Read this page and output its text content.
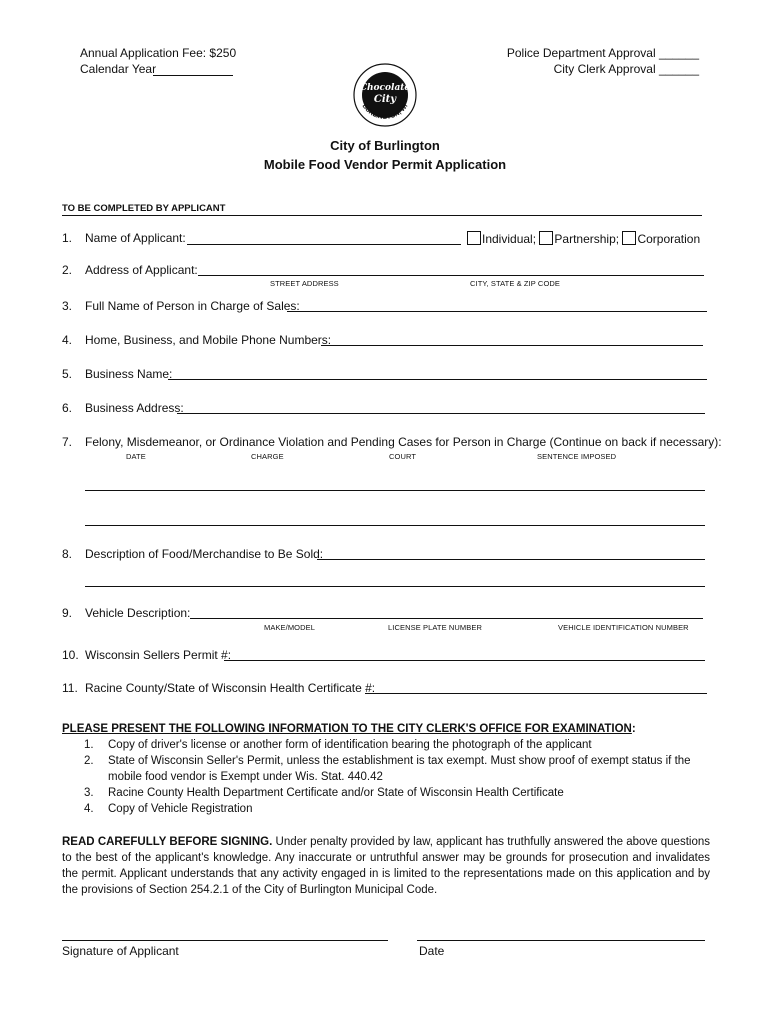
Annual Application Fee: $250
Calendar Year
Police Department Approval ______
City Clerk Approval ______
Chocolate
City
BURLINGTON, WI
City of Burlington
Mobile Food Vendor Permit Application
TO BE COMPLETED BY APPLICANT
1. Name of Applicant:	Individual; Partnership; Corporation
2. Address of Applicant:
STREET ADDRESS	CITY, STATE & ZIP CODE
3. Full Name of Person in Charge of Sales:
4. Home, Business, and Mobile Phone Numbers:
5. Business Name:
6. Business Address:
7. Felony, Misdemeanor, or Ordinance Violation and Pending Cases for Person in Charge (Continue on back if necessary):
DATE	CHARGE	COURT	SENTENCE IMPOSED
8. Description of Food/Merchandise to Be Sold:
9. Vehicle Description:
MAKE/MODEL	LICENSE PLATE NUMBER	VEHICLE IDENTIFICATION NUMBER
10. Wisconsin Sellers Permit #:
11. Racine County/State of Wisconsin Health Certificate #:
PLEASE PRESENT THE FOLLOWING INFORMATION TO THE CITY CLERK'S OFFICE FOR EXAMINATION:
1. Copy of driver's license or another form of identification bearing the photograph of the applicant
2. State of Wisconsin Seller's Permit, unless the establishment is tax exempt. Must show proof of exempt status if the
mobile food vendor is Exempt under Wis. Stat. 440.42
3. Racine County Health Department Certificate and/or State of Wisconsin Health Certificate
4. Copy of Vehicle Registration
READ CAREFULLY BEFORE SIGNING. Under penalty provided by law, applicant has truthfully answered the above questions to the best of the applicant's knowledge. Any inaccurate or untruthful answer may be grounds for prosecution and invalidates the permit. Applicant understands that any activity engaged in is limited to the representations made on this application and by the provisions of Section 254.2.1 of the City of Burlington Municipal Code.
Signature of Applicant	Date
